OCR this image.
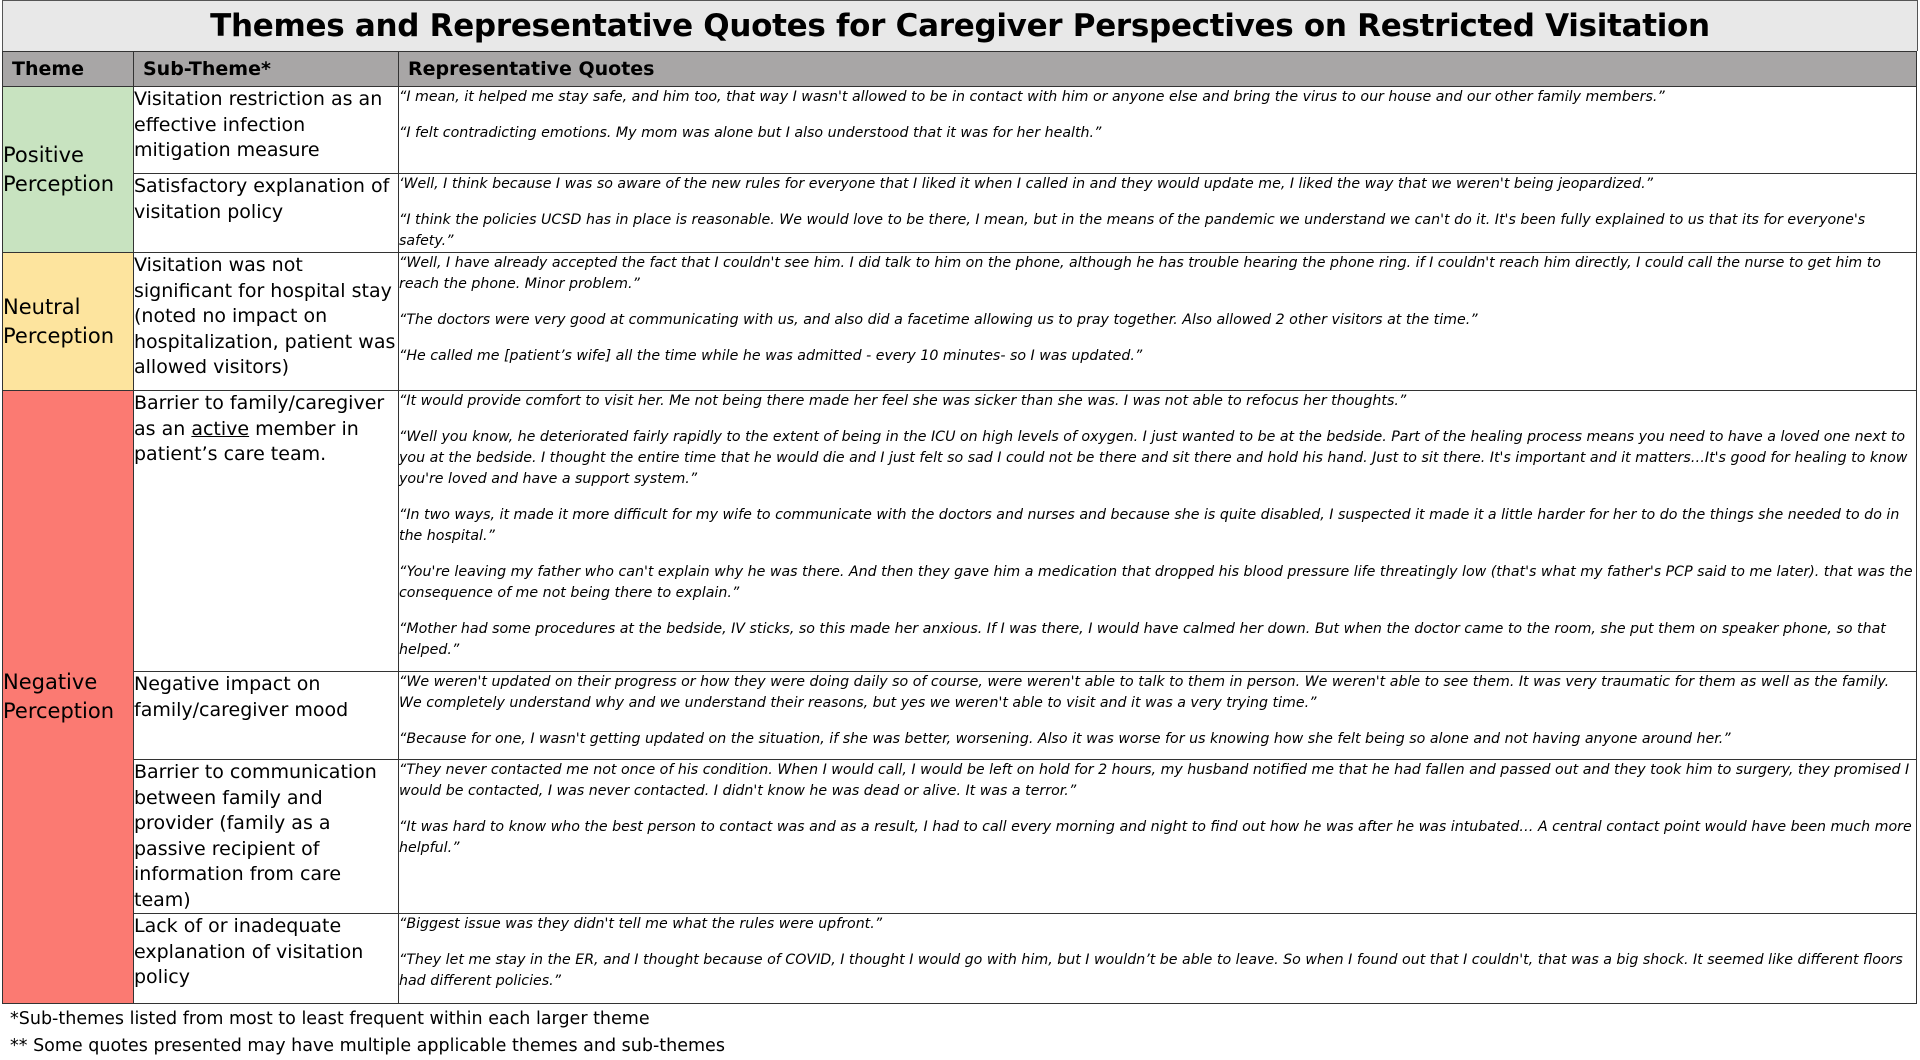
Themes and Representative Quotes for Caregiver Perspectives on Restricted Visitation
Theme	Sub-Theme*	Representative Quotes
Positive Perception	Visitation restriction as an effective infection mitigation measure	“I mean, it helped me stay safe, and him too, that way I wasn't allowed to be in contact with him or anyone else and bring the virus to our house and our other family members.”
“I felt contradicting emotions. My mom was alone but I also understood that it was for her health.”

	Satisfactory explanation of visitation policy	‘Well, I think because I was so aware of the new rules for everyone that I liked it when I called in and they would update me, I liked the way that we weren't being jeopardized.”
“I think the policies UCSD has in place is reasonable. We would love to be there, I mean, but in the means of the pandemic we understand we can't do it. It's been fully explained to us that its for everyone's safety.”

Neutral Perception	Visitation was not significant for hospital stay (noted no impact on hospitalization, patient was allowed visitors)	“Well, I have already accepted the fact that I couldn't see him. I did talk to him on the phone, although he has trouble hearing the phone ring. if I couldn't reach him directly, I could call the nurse to get him to reach the phone. Minor problem.”
“The doctors were very good at communicating with us, and also did a facetime allowing us to pray together. Also allowed 2 other visitors at the time.”
“He called me [patient’s wife] all the time while he was admitted - every 10 minutes- so I was updated.”

Negative Perception	Barrier to family/caregiver as an active member in patient’s care team.	“It would provide comfort to visit her. Me not being there made her feel she was sicker than she was. I was not able to refocus her thoughts.”
“Well you know, he deteriorated fairly rapidly to the extent of being in the ICU on high levels of oxygen. I just wanted to be at the bedside. Part of the healing process means you need to have a loved one next to you at the bedside. I thought the entire time that he would die and I just felt so sad I could not be there and sit there and hold his hand. Just to sit there. It's important and it matters…It's good for healing to know you're loved and have a support system.”
“In two ways, it made it more difficult for my wife to communicate with the doctors and nurses and because she is quite disabled, I suspected it made it a little harder for her to do the things she needed to do in the hospital.”
“You're leaving my father who can't explain why he was there. And then they gave him a medication that dropped his blood pressure life threatingly low (that's what my father's PCP said to me later). that was the consequence of me not being there to explain.”
“Mother had some procedures at the bedside, IV sticks, so this made her anxious. If I was there, I would have calmed her down. But when the doctor came to the room, she put them on speaker phone, so that helped.”

	Negative impact on family/caregiver mood	“We weren't updated on their progress or how they were doing daily so of course, were weren't able to talk to them in person. We weren't able to see them. It was very traumatic for them as well as the family. We completely understand why and we understand their reasons, but yes we weren't able to visit and it was a very trying time.”
“Because for one, I wasn't getting updated on the situation, if she was better, worsening. Also it was worse for us knowing how she felt being so alone and not having anyone around her.”

	Barrier to communication between family and provider (family as a passive recipient of information from care team)	“They never contacted me not once of his condition. When I would call, I would be left on hold for 2 hours, my husband notified me that he had fallen and passed out and they took him to surgery, they promised I would be contacted, I was never contacted. I didn't know he was dead or alive. It was a terror.”
“It was hard to know who the best person to contact was and as a result, I had to call every morning and night to find out how he was after he was intubated… A central contact point would have been much more helpful.”

	Lack of or inadequate explanation of visitation policy	“Biggest issue was they didn't tell me what the rules were upfront.”
“They let me stay in the ER, and I thought because of COVID, I thought I would go with him, but I wouldn’t be able to leave. So when I found out that I couldn't, that was a big shock. It seemed like different floors had different policies.”
*Sub-themes listed from most to least frequent within each larger theme
** Some quotes presented may have multiple applicable themes and sub-themes
